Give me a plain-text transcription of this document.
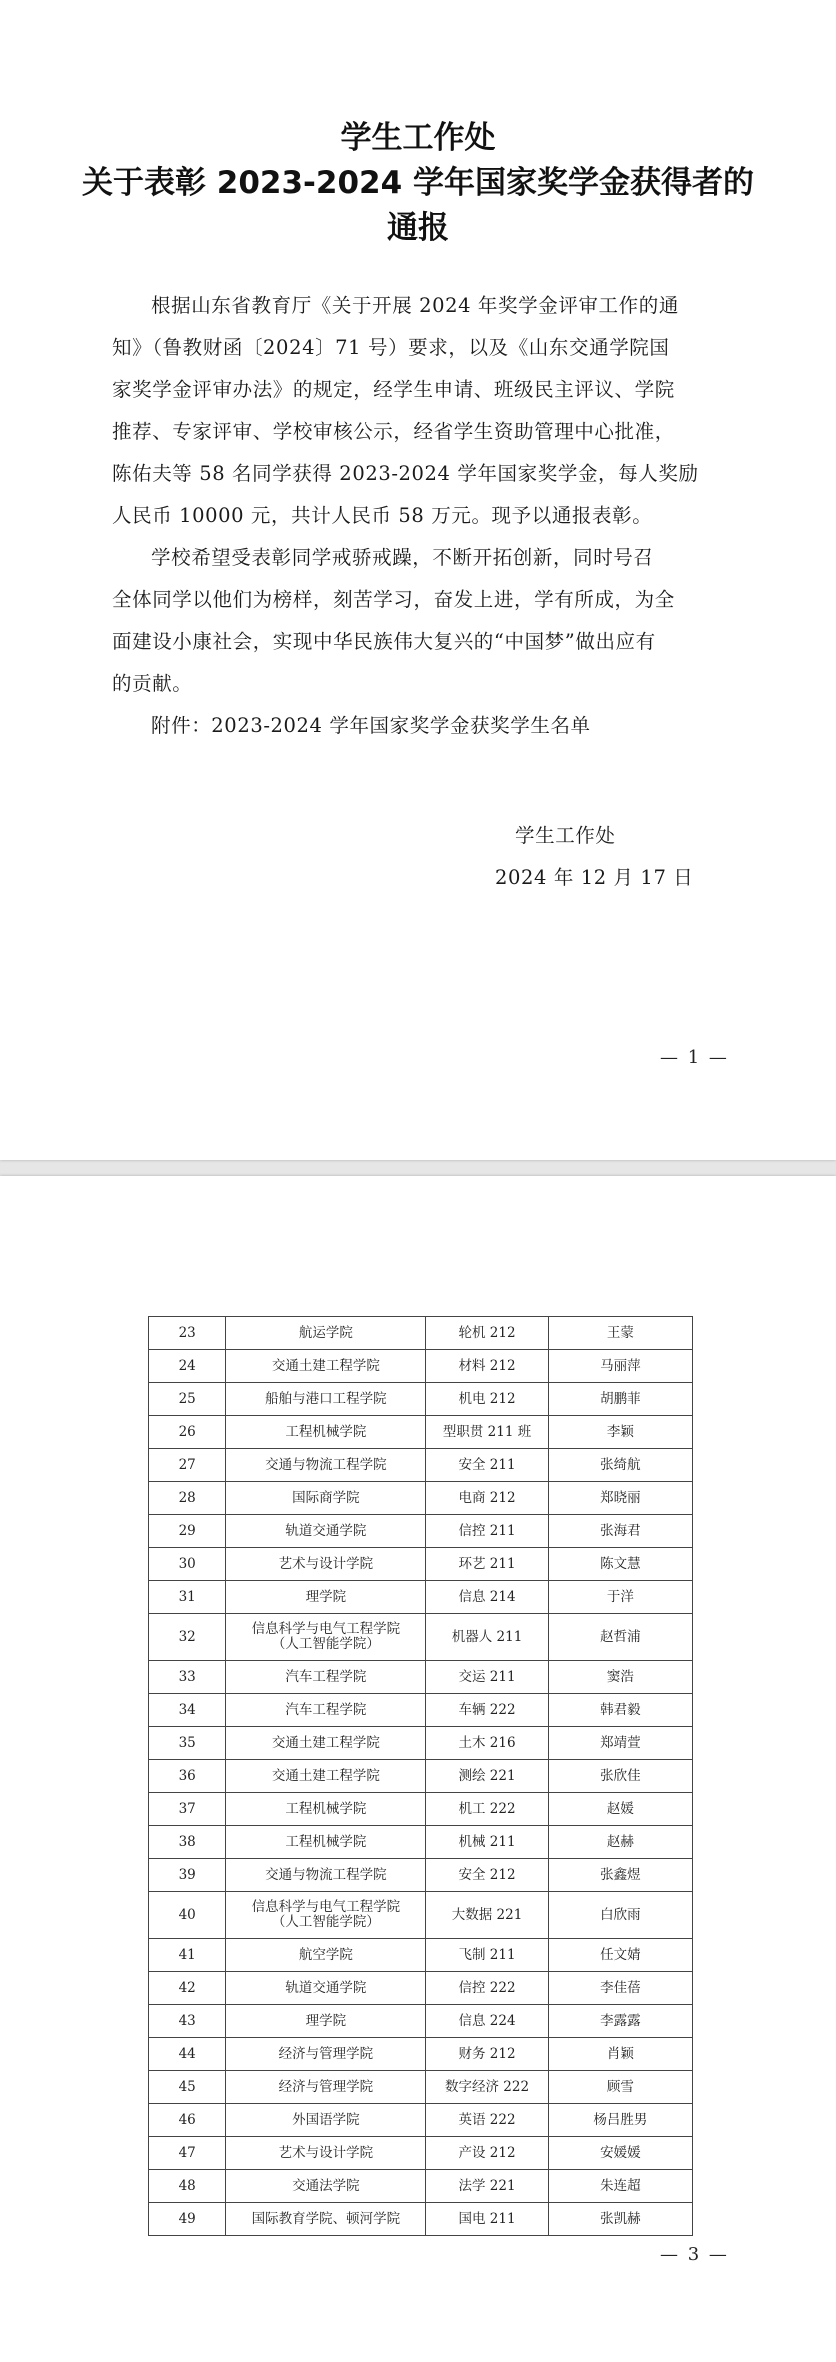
学生工作处
关于表彰 2023-2024 学年国家奖学金获得者的
通报
根据山东省教育厅《关于开展 2024 年奖学金评审工作的通
知》（鲁教财函〔2024〕71 号）要求，以及《山东交通学院国
家奖学金评审办法》的规定，经学生申请、班级民主评议、学院
推荐、专家评审、学校审核公示，经省学生资助管理中心批准，
陈佑夫等 58 名同学获得 2023-2024 学年国家奖学金，每人奖励
人民币 10000 元，共计人民币 58 万元。现予以通报表彰。
学校希望受表彰同学戒骄戒躁，不断开拓创新，同时号召
全体同学以他们为榜样，刻苦学习，奋发上进，学有所成，为全
面建设小康社会，实现中华民族伟大复兴的“中国梦”做出应有
的贡献。
附件：2023-2024 学年国家奖学金获奖学生名单
学生工作处
2024 年 12 月 17 日
— 1 —
23	航运学院	轮机 212	王蒙
24	交通土建工程学院	材料 212	马丽萍
25	船舶与港口工程学院	机电 212	胡鹏菲
26	工程机械学院	型职贯 211 班	李颖
27	交通与物流工程学院	安全 211	张绮航
28	国际商学院	电商 212	郑晓丽
29	轨道交通学院	信控 211	张海君
30	艺术与设计学院	环艺 211	陈文慧
31	理学院	信息 214	于洋
32	信息科学与电气工程学院
（人工智能学院）	机器人 211	赵哲浦
33	汽车工程学院	交运 211	窦浩
34	汽车工程学院	车辆 222	韩君毅
35	交通土建工程学院	土木 216	郑靖萱
36	交通土建工程学院	测绘 221	张欣佳
37	工程机械学院	机工 222	赵媛
38	工程机械学院	机械 211	赵赫
39	交通与物流工程学院	安全 212	张鑫煜
40	信息科学与电气工程学院
（人工智能学院）	大数据 221	白欣雨
41	航空学院	飞制 211	任文婧
42	轨道交通学院	信控 222	李佳蓓
43	理学院	信息 224	李露露
44	经济与管理学院	财务 212	肖颖
45	经济与管理学院	数字经济 222	顾雪
46	外国语学院	英语 222	杨吕胜男
47	艺术与设计学院	产设 212	安媛媛
48	交通法学院	法学 221	朱连超
49	国际教育学院、顿河学院	国电 211	张凯赫
— 3 —
